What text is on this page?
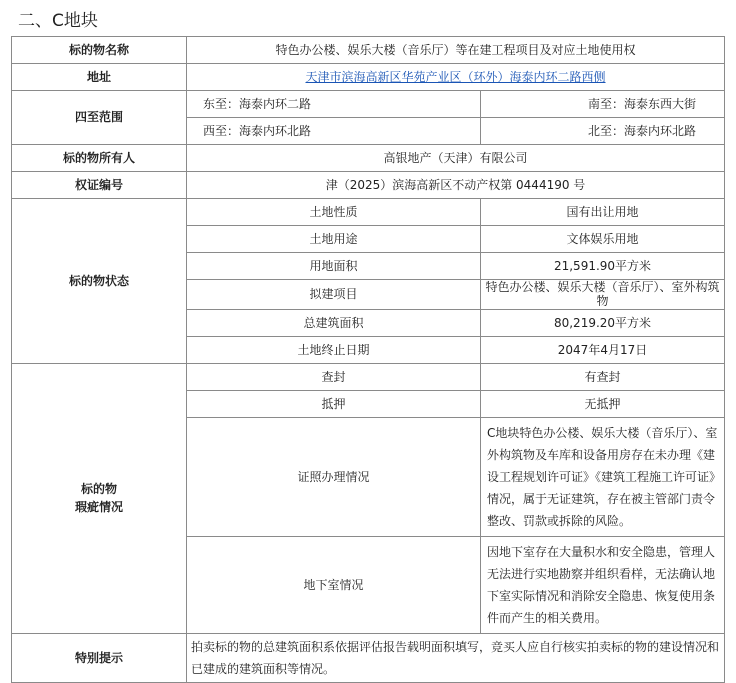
二、C地块
标的物名称	特色办公楼、娱乐大楼（音乐厅）等在建工程项目及对应土地使用权	
地址	天津市滨海高新区华苑产业区（环外）海泰内环二路西侧	
四至范围	东至：海泰内环二路	南至：海泰东西大街
	西至：海泰内环北路	北至：海泰内环北路
标的物所有人	高银地产（天津）有限公司	
权证编号	津（2025）滨海高新区不动产权第 0444190 号	
标的物状态	土地性质	国有出让用地
	土地用途	文体娱乐用地
	用地面积	21,591.90平方米
	拟建项目	特色办公楼、娱乐大楼（音乐厅）、室外构筑物
	总建筑面积	80,219.20平方米
	土地终止日期	2047年4月17日

标的物
瑕疵情况	查封	有查封
	抵押	无抵押
	证照办理情况	C地块特色办公楼、娱乐大楼（音乐厅）、室外构筑物及车库和设备用房存在未办理《建设工程规划许可证》《建筑工程施工许可证》情况，属于无证建筑，存在被主管部门责令整改、罚款或拆除的风险。
	地下室情况	因地下室存在大量积水和安全隐患，管理人无法进行实地勘察并组织看样，无法确认地下室实际情况和消除安全隐患、恢复使用条件而产生的相关费用。
特别提示	拍卖标的物的总建筑面积系依据评估报告载明面积填写，竞买人应自行核实拍卖标的物的建设情况和已建成的建筑面积等情况。	
